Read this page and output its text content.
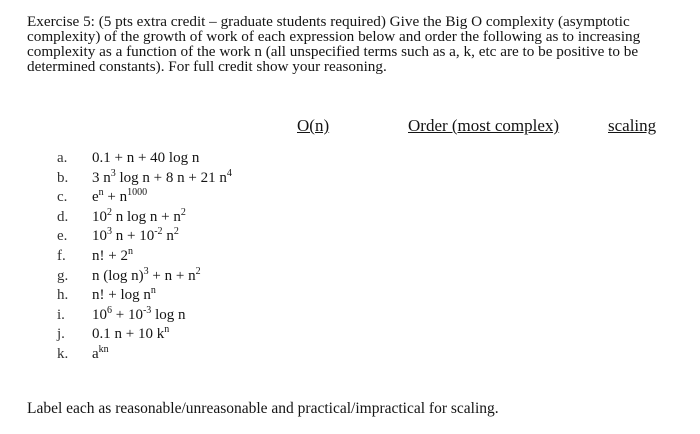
Exercise 5: (5 pts extra credit – graduate students required) Give the Big O complexity (asymptotic
complexity) of the growth of work of each expression below and order the following as to increasing
complexity as a function of the work n (all unspecified terms such as a, k, etc are to be positive to be
determined constants). For full credit show your reasoning.
O(n)	Order (most complex)	scaling
a. 0.1 + n + 40 log n
b. 3 $n^3$ log n + 8 n + 21 $n^4$
c. $e^n + n^{1000}$
d. $10^2$ n $\log n + n^2$
e. $10^3$ $n + 10^{-2}$ $n^2$
f. n! + $2^n$
g. n (log $n)^3 + n + n^2$
h. n! + $\log n^n$
i. $10^6 + 10^{-3}$ log n
j. 0.1 n + 10 $k^n$
k. $a^{kn}$

Label each as reasonable/unreasonable and practical/impractical for scaling.
